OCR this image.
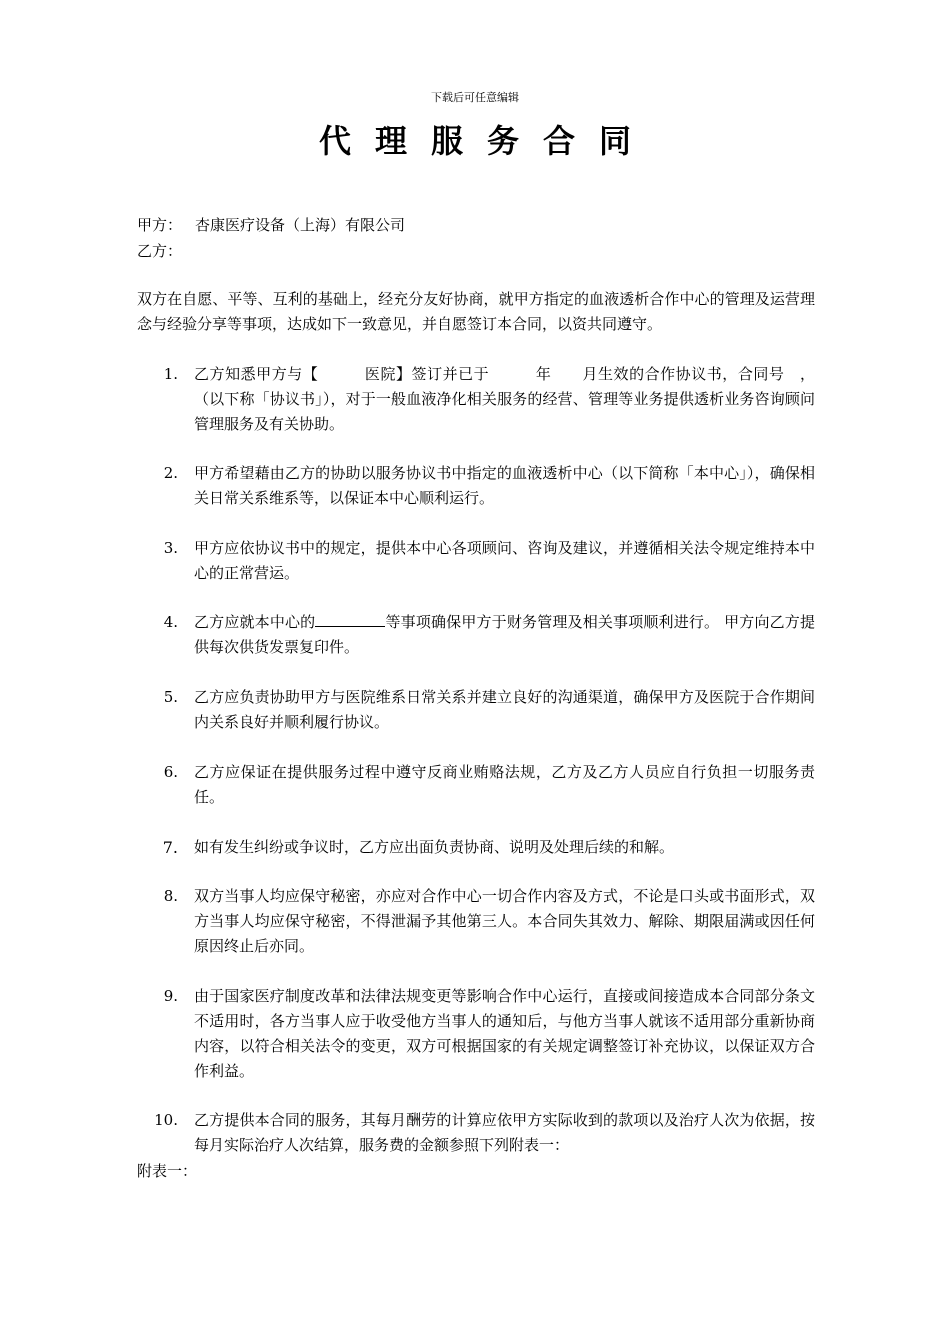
下载后可任意编辑
代理服务合同
甲方： 杏康医疗设备（上海）有限公司
乙方：
双方在自愿、平等、互利的基础上，经充分友好协商，就甲方指定的血液透析合作中心的管理及运营理念与经验分享等事项，达成如下一致意见，并自愿签订本合同，以资共同遵守。
1. 乙方知悉甲方与【　　　医院】签订并已于　　　年　　月生效的合作协议书，合同号　，（以下称「协议书」），对于一般血液净化相关服务的经营、管理等业务提供透析业务咨询顾问管理服务及有关协助。
2. 甲方希望藉由乙方的协助以服务协议书中指定的血液透析中心（以下简称「本中心」），确保相关日常关系维系等，以保证本中心顺利运行。
3. 甲方应依协议书中的规定，提供本中心各项顾问、咨询及建议，并遵循相关法令规定维持本中心的正常营运。
4. 乙方应就本中心的	等事项确保甲方于财务管理及相关事项顺利进行。 甲方向乙方提供每次供货发票复印件。
5. 乙方应负责协助甲方与医院维系日常关系并建立良好的沟通渠道，确保甲方及医院于合作期间内关系良好并顺利履行协议。
6. 乙方应保证在提供服务过程中遵守反商业贿赂法规，乙方及乙方人员应自行负担一切服务责任。
7. 如有发生纠纷或争议时，乙方应出面负责协商、说明及处理后续的和解。
8. 双方当事人均应保守秘密，亦应对合作中心一切合作内容及方式，不论是口头或书面形式，双方当事人均应保守秘密，不得泄漏予其他第三人。本合同失其效力、解除、期限届满或因任何原因终止后亦同。
9. 由于国家医疗制度改革和法律法规变更等影响合作中心运行，直接或间接造成本合同部分条文不适用时，各方当事人应于收受他方当事人的通知后，与他方当事人就该不适用部分重新协商内容，以符合相关法令的变更，双方可根据国家的有关规定调整签订补充协议，以保证双方合作利益。
10. 乙方提供本合同的服务，其每月酬劳的计算应依甲方实际收到的款项以及治疗人次为依据，按每月实际治疗人次结算，服务费的金额参照下列附表一：
附表一：
